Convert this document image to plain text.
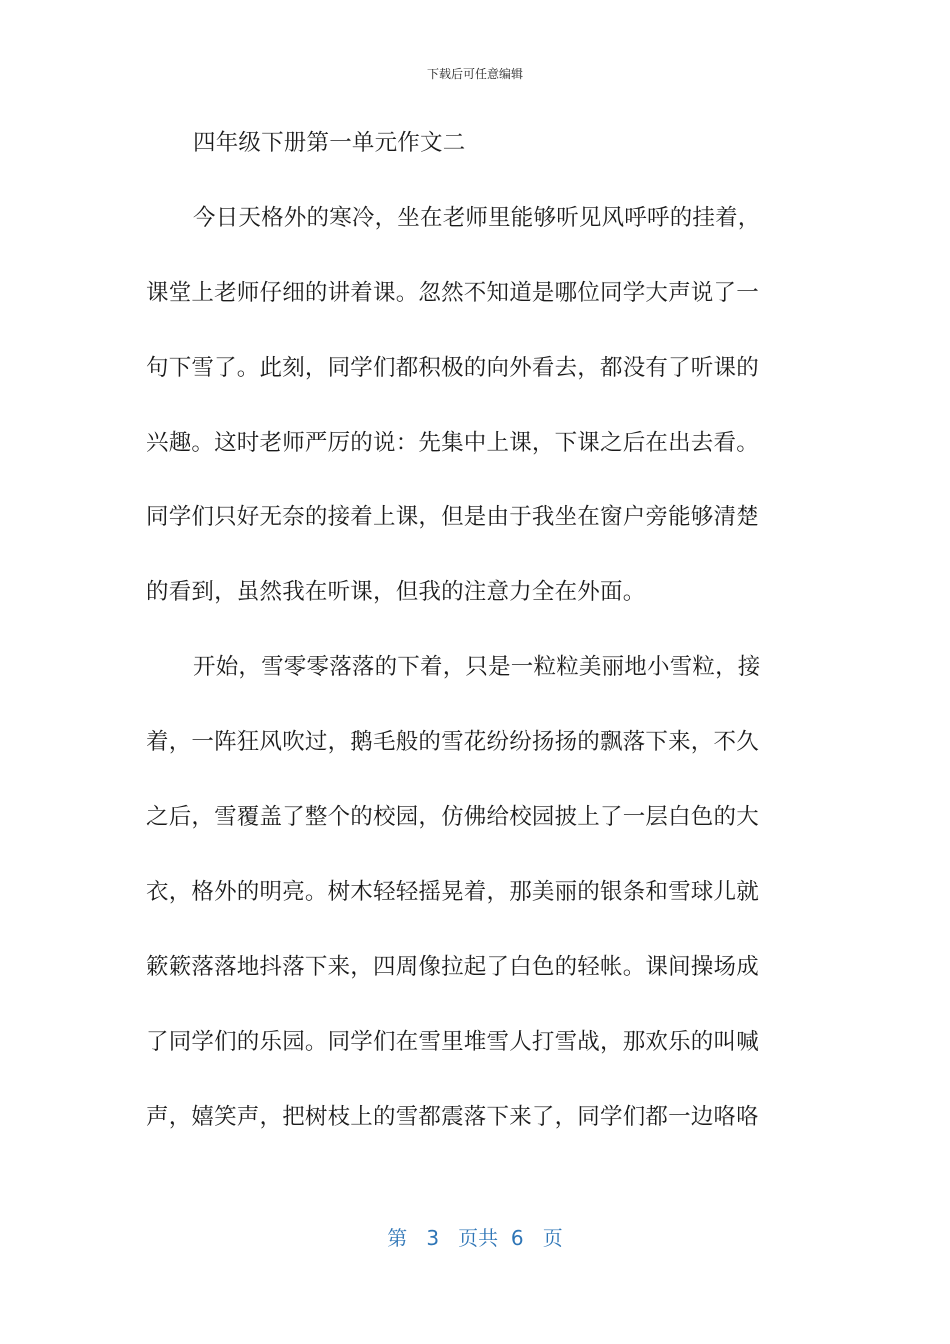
下载后可任意编辑
四年级下册第一单元作文二
今日天格外的寒冷，坐在老师里能够听见风呼呼的挂着，
课堂上老师仔细的讲着课。忽然不知道是哪位同学大声说了一
句下雪了。此刻，同学们都积极的向外看去，都没有了听课的
兴趣。这时老师严厉的说：先集中上课，下课之后在出去看。
同学们只好无奈的接着上课，但是由于我坐在窗户旁能够清楚
的看到，虽然我在听课，但我的注意力全在外面。
开始，雪零零落落的下着，只是一粒粒美丽地小雪粒，接
着，一阵狂风吹过，鹅毛般的雪花纷纷扬扬的飘落下来，不久
之后，雪覆盖了整个的校园，仿佛给校园披上了一层白色的大
衣，格外的明亮。树木轻轻摇晃着，那美丽的银条和雪球儿就
簌簌落落地抖落下来，四周像拉起了白色的轻帐。课间操场成
了同学们的乐园。同学们在雪里堆雪人打雪战，那欢乐的叫喊
声，嬉笑声，把树枝上的雪都震落下来了，同学们都一边咯咯
第 3 页共 6 页
